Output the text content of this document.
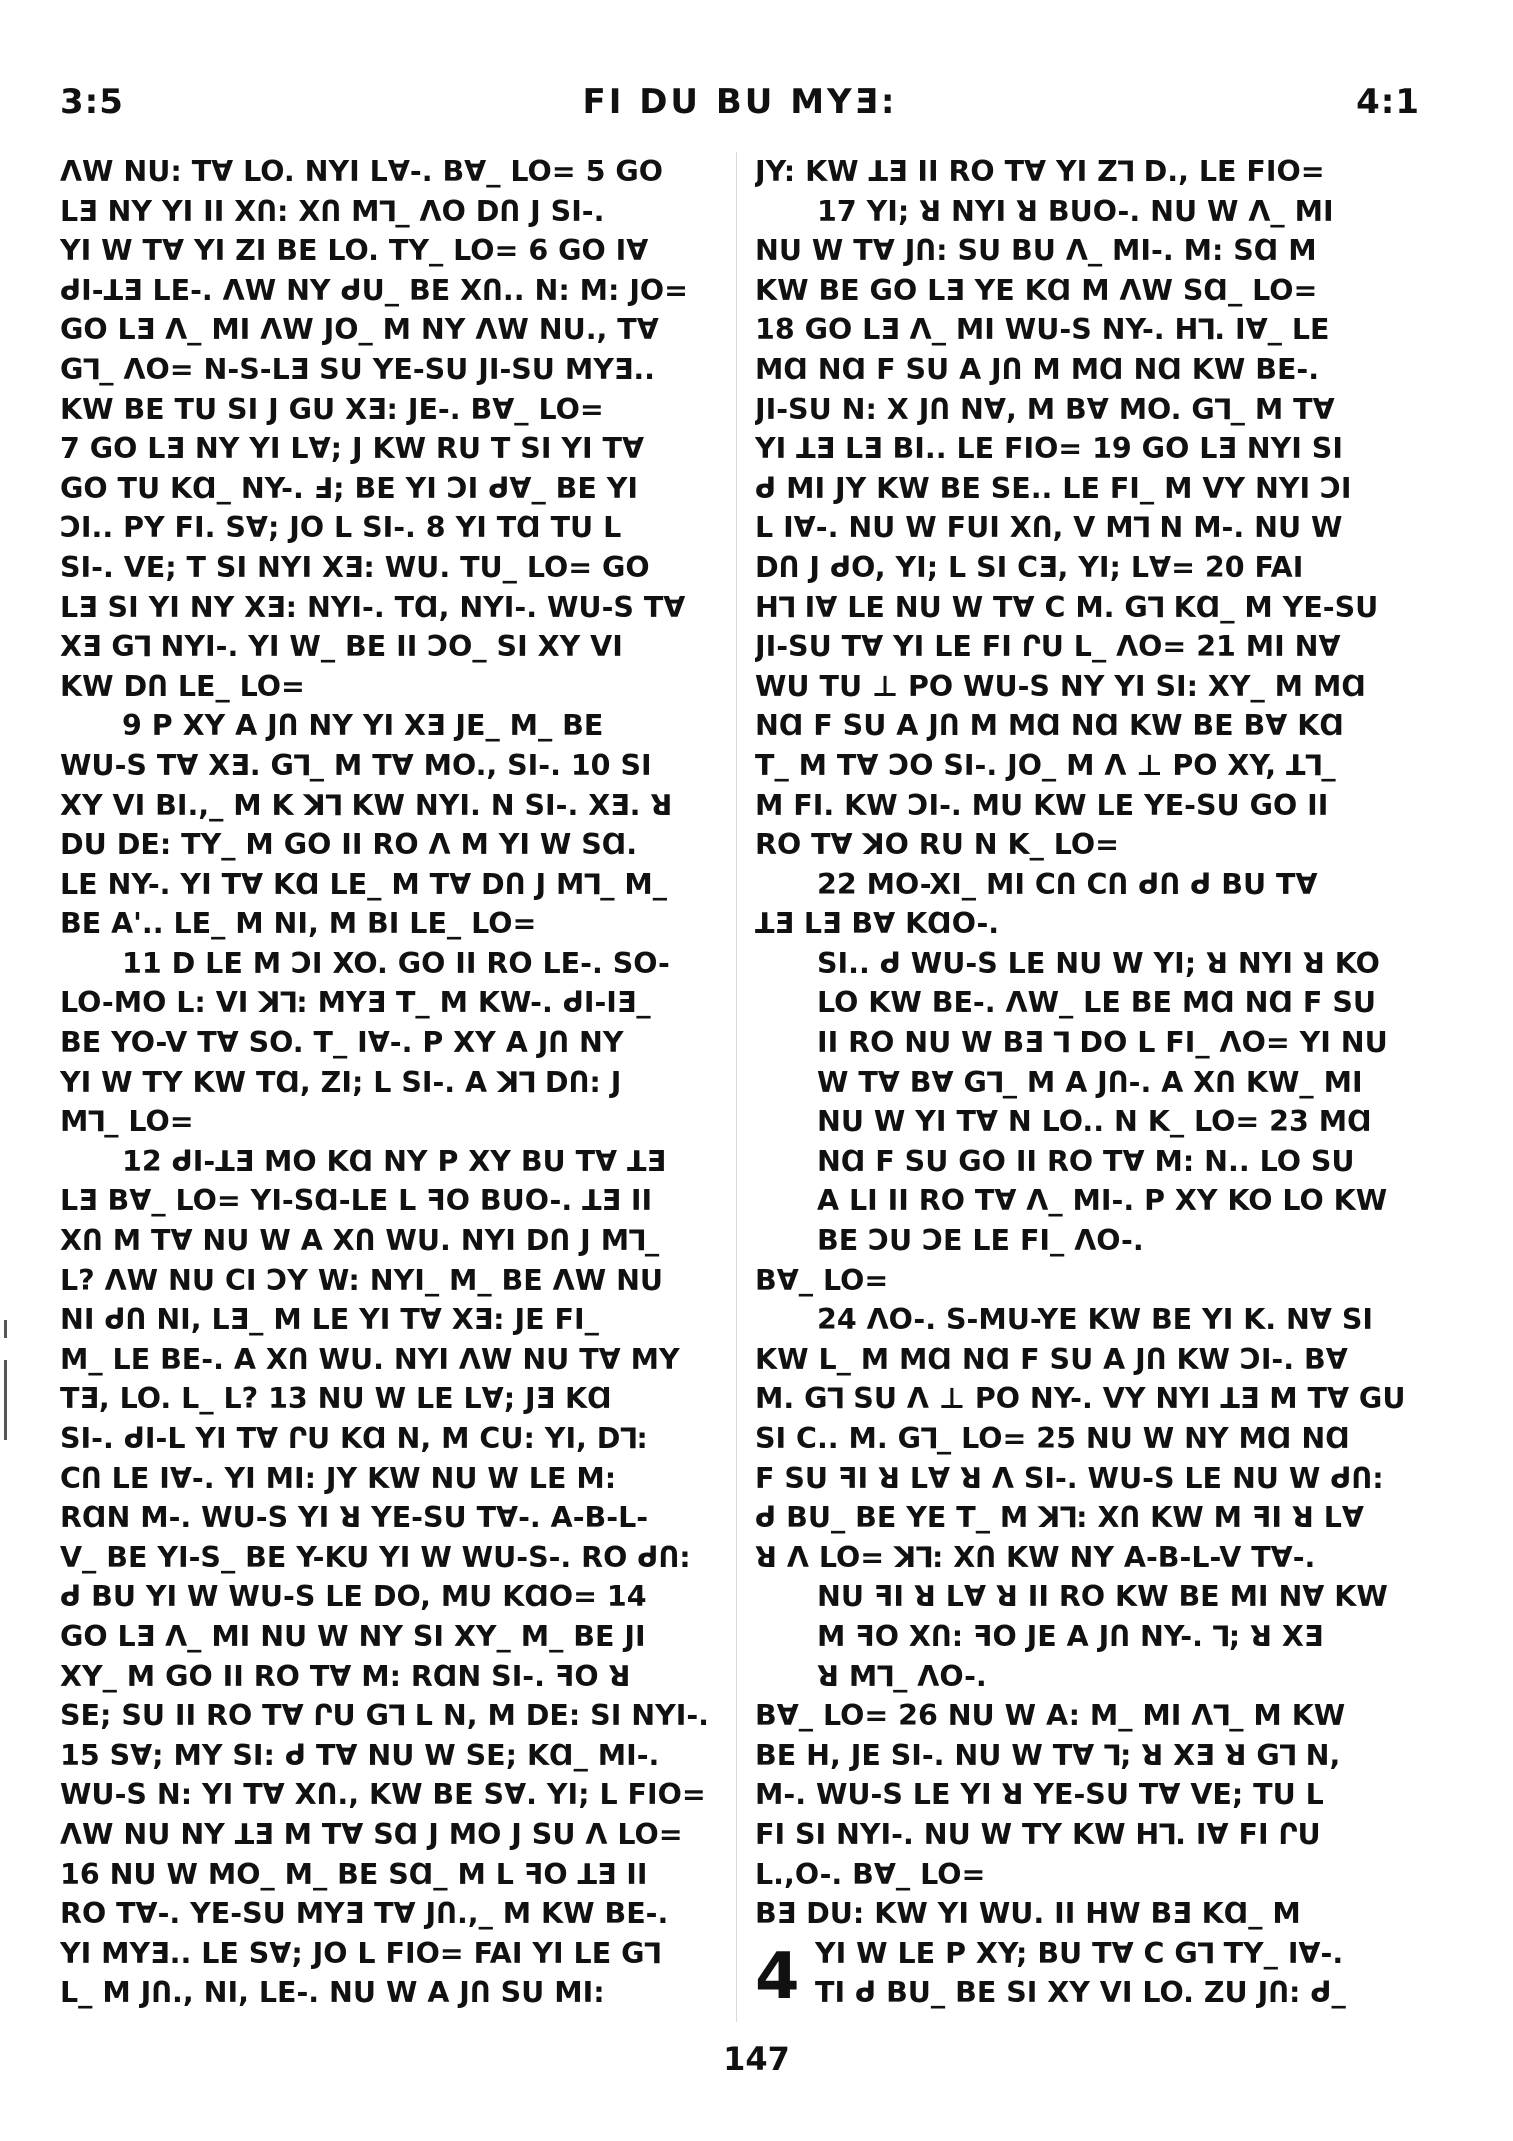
FI DU BU MYƎ:
3:5	4:1
ΛW NU: TⱯ LO. NYI LⱯ-. BⱯ_ LO= 5 GO
LƎ NY YI ⅠI XՈ: XՈ Mꓶ_ ΛO DՈ J SI-.
YI W TⱯ YI ZI BE LO. TY_ LO= 6 GO ⅠⱯ
ᑯI-ꓕƎ LE-. ΛW NY ᑯU_ BE XՈ.. N: M: JO=
GO LƎ Λ_ MI ΛW JO_ M NY ΛW NU., TⱯ
Gꓶ_ ΛO= N-S-LƎ SU YE-SU JI-SU MYƎ..
KW BE TU SI J GU XƎ: JE-. BⱯ_ LO=
7 GO LƎ NY YI LⱯ; J KW RU T SI YI TⱯ
GO TU KⱭ_ NY-. Ⅎ; BE YI ƆI ᑯⱯ_ BE YI
ƆI.. PY FI. SⱯ; JO L SI-. 8 YI TⱭ TU L
SI-. VE; T SI NYI XƎ: WU. TU_ LO= GO
LƎ SI YI NY XƎ: NYI-. TⱭ, NYI-. WU-S TⱯ
XƎ Gꓶ NYI-. YI W_ BE ⅠI ƆO_ SI XY VI
KW DՈ LE_ LO=
9 P XY A JՈ NY YI XƎ JE_ M_ BE
WU-S TⱯ XƎ. Gꓶ_ M TⱯ MO., SI-. 10 SI
XY VI BI.,_ M K ꓘꓶ KW NYI. N SI-. XƎ. ꓤ
DU DE: TY_ M GO ⅠI RO Λ M YI W SⱭ.
LE NY-. YI TⱯ KⱭ LE_ M TⱯ DՈ J Mꓶ_ M_
BE A'.. LE_ M NI, M BI LE_ LO=
11 D LE M ƆI XO. GO ⅠI RO LE-. SO-
LO-MO L: VI ꓘꓶ: MYƎ T_ M KW-. ᑯI-ⅠƎ_
BE YO-V TⱯ SO. T_ ⅠⱯ-. P XY A JՈ NY
YI W TY KW TⱭ, ZI; L SI-. A ꓘꓶ DՈ: J
Mꓶ_ LO=
12 ᑯI-ꓕƎ MO KⱭ NY P XY BU TⱯ ꓕƎ
LƎ BⱯ_ LO= YI-SⱭ-LE L ꟻO BUO-. ꓕƎ ⅠI
XՈ M TⱯ NU W A XՈ WU. NYI DՈ J Mꓶ_
L? ΛW NU CI ƆY W: NYI_ M_ BE ΛW NU
NI ᑯՈ NI, LƎ_ M LE YI TⱯ XƎ: JE FI_
M_ LE BE-. A XՈ WU. NYI ΛW NU TⱯ MY
TƎ, LO. L_ L? 13 NU W LE LⱯ; JƎ KⱭ
SI-. ᑯI-L YI TⱯ ՐU KⱭ N, M CU: YI, Dꓶ:
CՈ LE ⅠⱯ-. YI MI: JY KW NU W LE M:
RⱭN M-. WU-S YI ꓤ YE-SU TⱯ-. A-B-L-
V_ BE YI-S_ BE Y-KU YI W WU-S-. RO ᑯՈ:
ᑯ BU YI W WU-S LE DO, MU KⱭO= 14
GO LƎ Λ_ MI NU W NY SI XY_ M_ BE JI
XY_ M GO ⅠI RO TⱯ M: RⱭN SI-. ꟻO ꓤ
SE; SU ⅠI RO TⱯ ՐU Gꓶ L N, M DE: SI NYI-.
15 SⱯ; MY SI: ᑯ TⱯ NU W SE; KⱭ_ MI-.
WU-S N: YI TⱯ XՈ., KW BE SⱯ. YI; L FIO=
ΛW NU NY ꓕƎ M TⱯ SⱭ J MO J SU Λ LO=
16 NU W MO_ M_ BE SⱭ_ M L ꟻO ꓕƎ ⅠI
RO TⱯ-. YE-SU MYƎ TⱯ JՈ.,_ M KW BE-.
YI MYƎ.. LE SⱯ; JO L FIO= FAI YI LE Gꓶ
L_ M JՈ., NI, LE-. NU W A JՈ SU MI:
JY: KW ꓕƎ ⅠI RO TⱯ YI Zꓶ D., LE FIO=
17 YI; ꓤ NYI ꓤ BUO-. NU W Λ_ MI
NU W TⱯ JՈ: SU BU Λ_ MI-. M: SⱭ M
KW BE GO LƎ YE KⱭ M ΛW SⱭ_ LO=
18 GO LƎ Λ_ MI WU-S NY-. Hꓶ. ⅠⱯ_ LE
MⱭ NⱭ F SU A JՈ M MⱭ NⱭ KW BE-.
JI-SU N: X JՈ NⱯ, M BⱯ MO. Gꓶ_ M TⱯ
YI ꓕƎ LƎ BI.. LE FIO= 19 GO LƎ NYI SI
ᑯ MI JY KW BE SE.. LE FI_ M VY NYI ƆI
L ⅠⱯ-. NU W FUI XՈ, V Mꓶ N M-. NU W
DՈ J ᑯO, YI; L SI CƎ, YI; LⱯ= 20 FAI
Hꓶ ⅠⱯ LE NU W TⱯ C M. Gꓶ KⱭ_ M YE-SU
JI-SU TⱯ YI LE FI ՐU L_ ΛO= 21 MI NⱯ
WU TU ⊥ PO WU-S NY YI SI: XY_ M MⱭ
NⱭ F SU A JՈ M MⱭ NⱭ KW BE BⱯ KⱭ
T_ M TⱯ ƆO SI-. JO_ M Λ ⊥ PO XY, ꓕꓶ_
M FI. KW ƆI-. MU KW LE YE-SU GO ⅠI
RO TⱯ ꓘO RU N K_ LO=
22 MO-XI_ MI CՈ CՈ ᑯՈ ᑯ BU TⱯ
ꓕƎ LƎ BⱯ KⱭO-.
SI.. ᑯ WU-S LE NU W YI; ꓤ NYI ꓤ KO
LO KW BE-. ΛW_ LE BE MⱭ NⱭ F SU
ⅠI RO NU W BƎ ꓶ DO L FI_ ΛO= YI NU
W TⱯ BⱯ Gꓶ_ M A JՈ-. A XՈ KW_ MI
NU W YI TⱯ N LO.. N K_ LO= 23 MⱭ
NⱭ F SU GO ⅠI RO TⱯ M: N.. LO SU
A LI ⅠI RO TⱯ Λ_ MI-. P XY KO LO KW
BE ƆU ƆE LE FI_ ΛO-.
BⱯ_ LO=
24 ΛO-. S-MU-YE KW BE YI K. NⱯ SI
KW L_ M MⱭ NⱭ F SU A JՈ KW ƆI-. BⱯ
M. Gꓶ SU Λ ⊥ PO NY-. VY NYI ꓕƎ M TⱯ GU
SI C.. M. Gꓶ_ LO= 25 NU W NY MⱭ NⱭ
F SU ꟻI ꓤ LⱯ ꓤ Λ SI-. WU-S LE NU W ᑯՈ:
ᑯ BU_ BE YE T_ M ꓘꓶ: XՈ KW M ꟻI ꓤ LⱯ
ꓤ Λ LO= ꓘꓶ: XՈ KW NY A-B-L-V TⱯ-.
NU ꟻI ꓤ LⱯ ꓤ ⅠI RO KW BE MI NⱯ KW
M ꟻO XՈ: ꟻO JE A JՈ NY-. ꓶ; ꓤ XƎ
ꓤ Mꓶ_ ΛO-.
BⱯ_ LO= 26 NU W A: M_ MI Λꓶ_ M KW
BE H, JE SI-. NU W TⱯ ꓶ; ꓤ XƎ ꓤ Gꓶ N,
M-. WU-S LE YI ꓤ YE-SU TⱯ VE; TU L
FI SI NYI-. NU W TY KW Hꓶ. ⅠⱯ FI ՐU
L.,O-. BⱯ_ LO=
BƎ DU: KW YI WU. ⅠI HW BƎ KⱭ_ M
4 YI W LE P XY; BU TⱯ C Gꓶ TY_ ⅠⱯ-.
TI ᑯ BU_ BE SI XY VI LO. ZU JՈ: ᑯ_
147
